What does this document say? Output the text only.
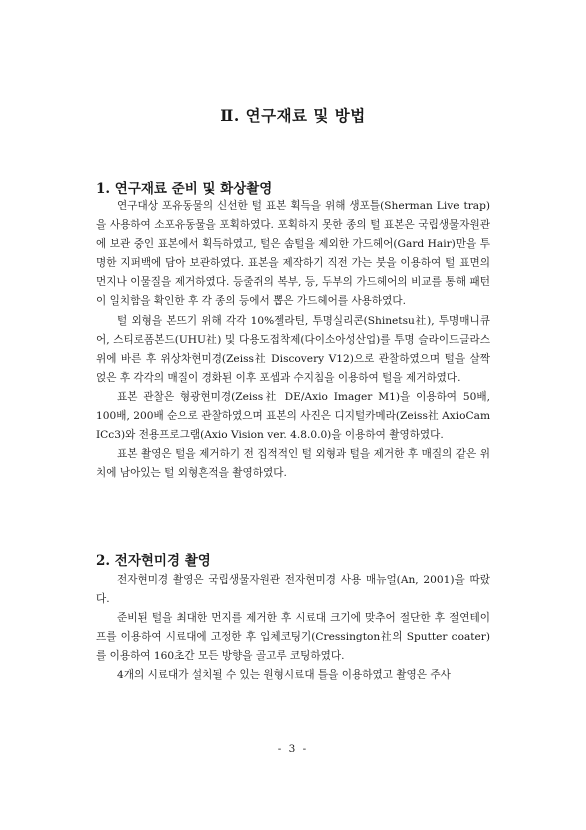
Ⅱ. 연구재료 및 방법
1. 연구재료 준비 및 화상촬영

연구대상 포유동물의 신선한 털 표본 획득을 위해 생포틀(Sherman Live trap)을 사용하여 소포유동물을 포획하였다. 포획하지 못한 종의 털 표본은 국립생물자원관에 보관 중인 표본에서 획득하였고, 털은 솜털을 제외한 가드헤어(Gard Hair)만을 투명한 지퍼백에 담아 보관하였다. 표본을 제작하기 직전 가는 붓을 이용하여 털 표면의 먼지나 이물질을 제거하였다. 등줄쥐의 복부, 등, 두부의 가드헤어의 비교를 통해 패턴이 일치함을 확인한 후 각 종의 등에서 뽑은 가드헤어를 사용하였다.

털 외형을 본뜨기 위해 각각 10%젤라틴, 투명실리콘(Shinetsu社), 투명매니큐어, 스티로폼본드(UHU社) 및 다용도접착제(다이소아성산업)를 투명 슬라이드글라스위에 바른 후 위상차현미경(Zeiss社 Discovery V12)으로 관찰하였으며 털을 살짝 얹은 후 각각의 매질이 경화된 이후 포셉과 수지침을 이용하여 털을 제거하였다.

표본 관찰은 형광현미경(Zeiss社 DE/Axio Imager M1)을 이용하여 50배, 100배, 200배 순으로 관찰하였으며 표본의 사진은 디지털카메라(Zeiss社 AxioCam ICc3)와 전용프로그램(Axio Vision ver. 4.8.0.0)을 이용하여 촬영하였다.

표본 촬영은 털을 제거하기 전 집적적인 털 외형과 털을 제거한 후 매질의 같은 위치에 남아있는 털 외형흔적을 촬영하였다.

2. 전자현미경 촬영

전자현미경 촬영은 국립생물자원관 전자현미경 사용 매뉴얼(An, 2001)을 따랐다.

준비된 털을 최대한 먼지를 제거한 후 시료대 크기에 맞추어 절단한 후 절연테이프를 이용하여 시료대에 고정한 후 입체코팅기(Cressington社의 Sputter coater)를 이용하여 160초간 모든 방향을 골고루 코팅하였다.

4개의 시료대가 설치될 수 있는 원형시료대 틀을 이용하였고 촬영은 주사

- 3 -
